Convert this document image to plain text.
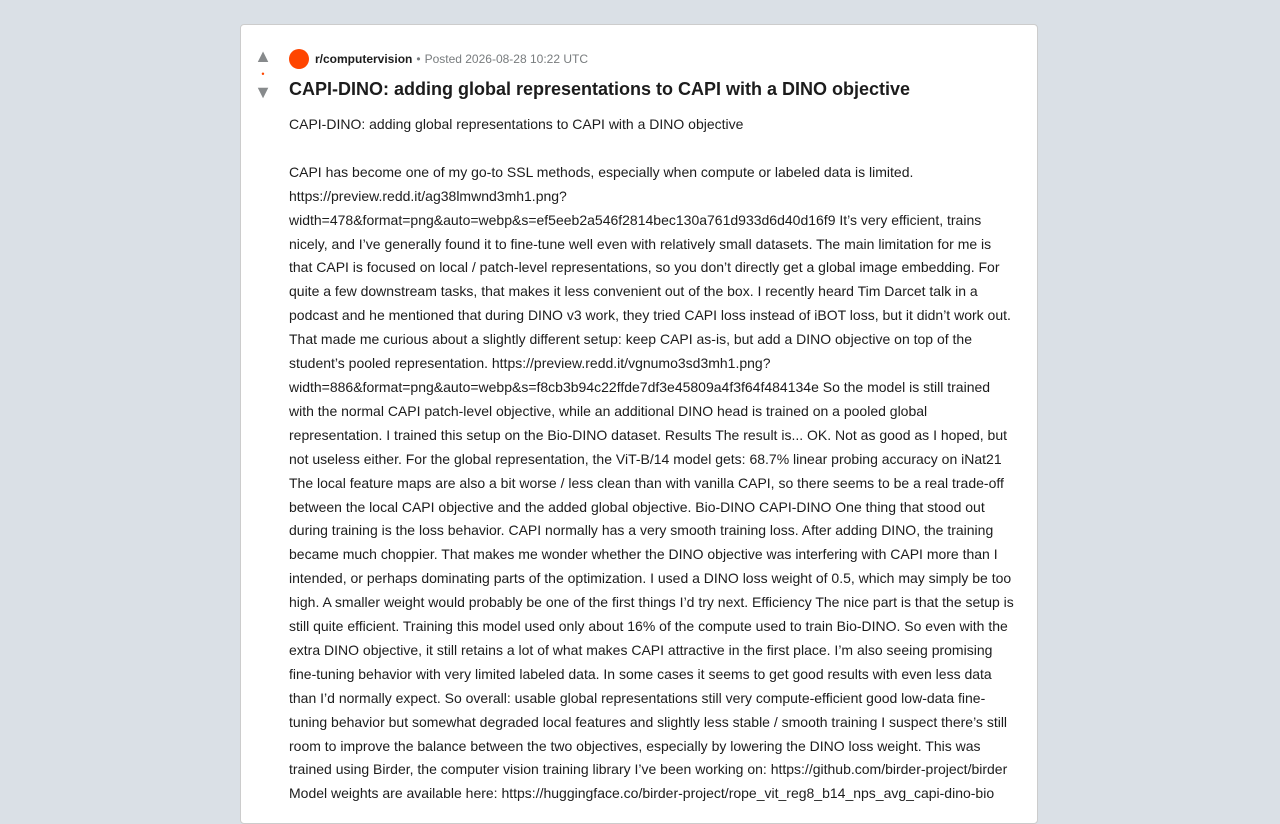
▲
•
▼
r/computervision • Posted 2026-08-28 10:22 UTC
CAPI-DINO: adding global representations to CAPI with a DINO objective
CAPI-DINO: adding global representations to CAPI with a DINO objective

CAPI has become one of my go-to SSL methods, especially when compute or labeled data is limited. https://preview.redd.it/ag38lmwnd3mh1.png?width=478&format=png&auto=webp&s=ef5eeb2a546f2814bec130a761d933d6d40d16f9 It’s very efficient, trains nicely, and I’ve generally found it to fine-tune well even with relatively small datasets. The main limitation for me is that CAPI is focused on local / patch-level representations, so you don’t directly get a global image embedding. For quite a few downstream tasks, that makes it less convenient out of the box. I recently heard Tim Darcet talk in a podcast and he mentioned that during DINO v3 work, they tried CAPI loss instead of iBOT loss, but it didn’t work out. That made me curious about a slightly different setup: keep CAPI as-is, but add a DINO objective on top of the student’s pooled representation. https://preview.redd.it/vgnumo3sd3mh1.png?width=886&format=png&auto=webp&s=f8cb3b94c22ffde7df3e45809a4f3f64f484134e So the model is still trained with the normal CAPI patch-level objective, while an additional DINO head is trained on a pooled global representation. I trained this setup on the Bio-DINO dataset. Results The result is... OK. Not as good as I hoped, but not useless either. For the global representation, the ViT-B/14 model gets: 68.7% linear probing accuracy on iNat21 The local feature maps are also a bit worse / less clean than with vanilla CAPI, so there seems to be a real trade-off between the local CAPI objective and the added global objective. Bio-DINO CAPI-DINO One thing that stood out during training is the loss behavior. CAPI normally has a very smooth training loss. After adding DINO, the training became much choppier. That makes me wonder whether the DINO objective was interfering with CAPI more than I intended, or perhaps dominating parts of the optimization. I used a DINO loss weight of 0.5, which may simply be too high. A smaller weight would probably be one of the first things I’d try next. Efficiency The nice part is that the setup is still quite efficient. Training this model used only about 16% of the compute used to train Bio-DINO. So even with the extra DINO objective, it still retains a lot of what makes CAPI attractive in the first place. I’m also seeing promising fine-tuning behavior with very limited labeled data. In some cases it seems to get good results with even less data than I’d normally expect. So overall: usable global representations still very compute-efficient good low-data fine-tuning behavior but somewhat degraded local features and slightly less stable / smooth training I suspect there’s still room to improve the balance between the two objectives, especially by lowering the DINO loss weight. This was trained using Birder, the computer vision training library I’ve been working on: https://github.com/birder-project/birder Model weights are available here: https://huggingface.co/birder-project/rope_vit_reg8_b14_nps_avg_capi-dino-bio
